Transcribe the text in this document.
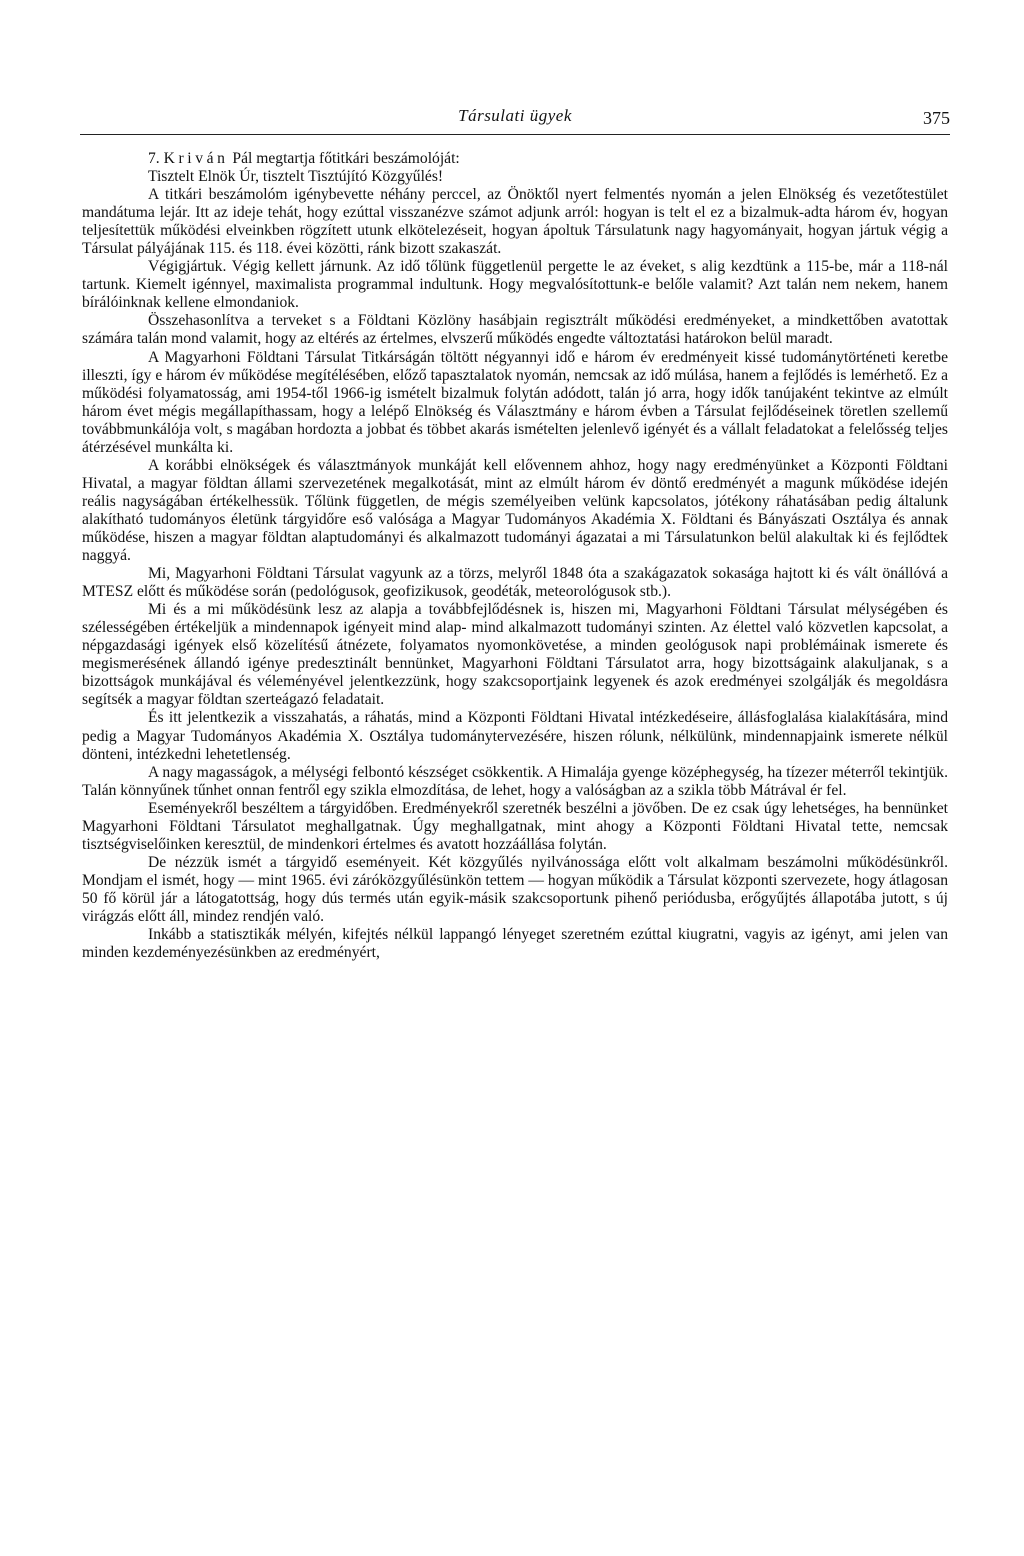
Társulati ügyek	375

7. Kriván Pál megtartja főtitkári beszámolóját:

Tisztelt Elnök Úr, tisztelt Tisztújító Közgyűlés!

A titkári beszámolóm igénybevette néhány perccel, az Önöktől nyert felmentés nyomán a jelen Elnökség és vezetőtestület mandátuma lejár. Itt az ideje tehát, hogy ezúttal visszanézve számot adjunk arról: hogyan is telt el ez a bizalmuk-adta három év, hogyan teljesítettük működési elveinkben rögzített utunk elkötelezéseit, hogyan ápoltuk Társulatunk nagy hagyományait, hogyan jártuk végig a Társulat pályájának 115. és 118. évei közötti, ránk bizott szakaszát.

Végigjártuk. Végig kellett járnunk. Az idő tőlünk függetlenül pergette le az éveket, s alig kezdtünk a 115-be, már a 118-nál tartunk. Kiemelt igénnyel, maximalista programmal indultunk. Hogy megvalósítottunk-e belőle valamit? Azt talán nem nekem, hanem bírálóinknak kellene elmondaniok.

Összehasonlítva a terveket s a Földtani Közlöny hasábjain regisztrált működési eredményeket, a mindkettőben avatottak számára talán mond valamit, hogy az eltérés az értelmes, elvszerű működés engedte változtatási határokon belül maradt.

A Magyarhoni Földtani Társulat Titkárságán töltött négyannyi idő e három év eredményeit kissé tudománytörténeti keretbe illeszti, így e három év működése megítélésében, előző tapasztalatok nyomán, nemcsak az idő múlása, hanem a fejlődés is lemérhető. Ez a működési folyamatosság, ami 1954-től 1966-ig ismételt bizalmuk folytán adódott, talán jó arra, hogy idők tanújaként tekintve az elmúlt három évet mégis megállapíthassam, hogy a lelépő Elnökség és Választmány e három évben a Társulat fejlődéseinek töretlen szellemű továbbmunkálója volt, s magában hordozta a jobbat és többet akarás ismételten jelenlevő igényét és a vállalt feladatokat a felelősség teljes átérzésével munkálta ki.

A korábbi elnökségek és választmányok munkáját kell elővennem ahhoz, hogy nagy eredményünket a Központi Földtani Hivatal, a magyar földtan állami szervezetének megalkotását, mint az elmúlt három év döntő eredményét a magunk működése idején reális nagyságában értékelhessük. Tőlünk független, de mégis személyeiben velünk kapcsolatos, jótékony ráhatásában pedig általunk alakítható tudományos életünk tárgyidőre eső valósága a Magyar Tudományos Akadémia X. Földtani és Bányászati Osztálya és annak működése, hiszen a magyar földtan alaptudományi és alkalmazott tudományi ágazatai a mi Társulatunkon belül alakultak ki és fejlődtek naggyá.

Mi, Magyarhoni Földtani Társulat vagyunk az a törzs, melyről 1848 óta a szakágazatok sokasága hajtott ki és vált önállóvá a MTESZ előtt és működése során (pedológusok, geofizikusok, geodéták, meteorológusok stb.).

Mi és a mi működésünk lesz az alapja a továbbfejlődésnek is, hiszen mi, Magyarhoni Földtani Társulat mélységében és szélességében értékeljük a mindennapok igényeit mind alap- mind alkalmazott tudományi szinten. Az élettel való közvetlen kapcsolat, a népgazdasági igények első közelítésű átnézete, folyamatos nyomonkövetése, a minden geológusok napi problémáinak ismerete és megismerésének állandó igénye predesztinált bennünket, Magyarhoni Földtani Társulatot arra, hogy bizottságaink alakuljanak, s a bizottságok munkájával és véleményével jelentkezzünk, hogy szakcsoportjaink legyenek és azok eredményei szolgálják és megoldásra segítsék a magyar földtan szerteágazó feladatait.

És itt jelentkezik a visszahatás, a ráhatás, mind a Központi Földtani Hivatal intézkedéseire, állásfoglalása kialakítására, mind pedig a Magyar Tudományos Akadémia X. Osztálya tudománytervezésére, hiszen rólunk, nélkülünk, mindennapjaink ismerete nélkül dönteni, intézkedni lehetetlenség.

A nagy magasságok, a mélységi felbontó készséget csökkentik. A Himalája gyenge középhegység, ha tízezer méterről tekintjük. Talán könnyűnek tűnhet onnan fentről egy szikla elmozdítása, de lehet, hogy a valóságban az a szikla több Mátrával ér fel.

Eseményekről beszéltem a tárgyidőben. Eredményekről szeretnék beszélni a jövőben. De ez csak úgy lehetséges, ha bennünket Magyarhoni Földtani Társulatot meghallgatnak. Úgy meghallgatnak, mint ahogy a Központi Földtani Hivatal tette, nemcsak tisztségviselőinken keresztül, de mindenkori értelmes és avatott hozzáállása folytán.

De nézzük ismét a tárgyidő eseményeit. Két közgyűlés nyilvánossága előtt volt alkalmam beszámolni működésünkről. Mondjam el ismét, hogy — mint 1965. évi záróközgyűlésünkön tettem — hogyan működik a Társulat központi szervezete, hogy átlagosan 50 fő körül jár a látogatottság, hogy dús termés után egyik-másik szakcsoportunk pihenő periódusba, erőgyűjtés állapotába jutott, s új virágzás előtt áll, mindez rendjén való.

Inkább a statisztikák mélyén, kifejtés nélkül lappangó lényeget szeretném ezúttal kiugratni, vagyis az igényt, ami jelen van minden kezdeményezésünkben az eredményért,
